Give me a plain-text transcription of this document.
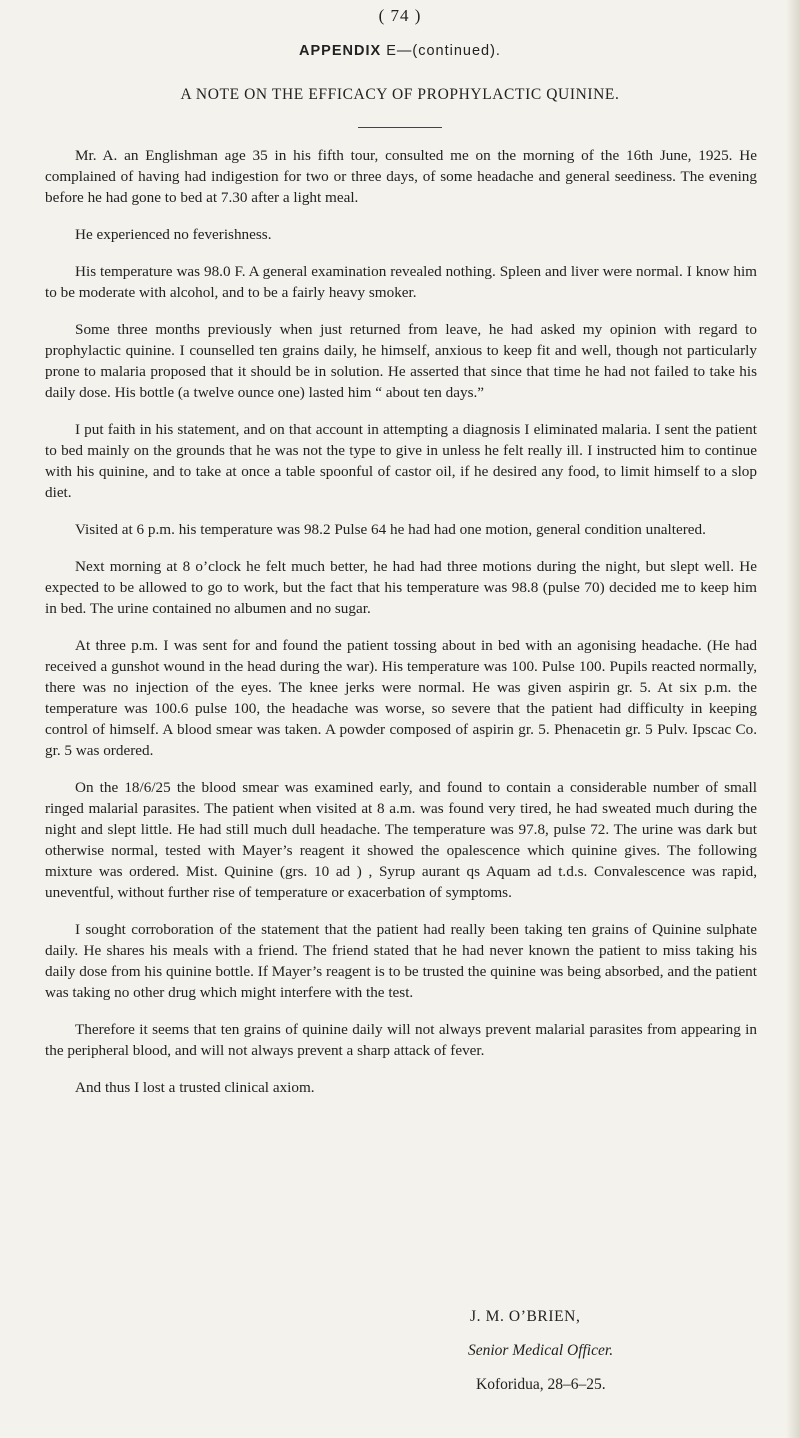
( 74 )
APPENDIX E—(continued).
A NOTE ON THE EFFICACY OF PROPHYLACTIC QUININE.

Mr. A. an Englishman age 35 in his fifth tour, consulted me on the morning of the 16th June, 1925. He complained of having had indigestion for two or three days, of some headache and general seediness. The evening before he had gone to bed at 7.30 after a light meal.

He experienced no feverishness.

His temperature was 98.0 F. A general examination revealed nothing. Spleen and liver were normal. I know him to be moderate with alcohol, and to be a fairly heavy smoker.

Some three months previously when just returned from leave, he had asked my opinion with regard to prophylactic quinine. I counselled ten grains daily, he himself, anxious to keep fit and well, though not particularly prone to malaria proposed that it should be in solution. He asserted that since that time he had not failed to take his daily dose. His bottle (a twelve ounce one) lasted him “ about ten days.”

I put faith in his statement, and on that account in attempting a diagnosis I eliminated malaria. I sent the patient to bed mainly on the grounds that he was not the type to give in unless he felt really ill. I instructed him to continue with his quinine, and to take at once a table spoonful of castor oil, if he desired any food, to limit himself to a slop diet.

Visited at 6 p.m. his temperature was 98.2 Pulse 64 he had had one motion, general condition unaltered.

Next morning at 8 o’clock he felt much better, he had had three motions during the night, but slept well. He expected to be allowed to go to work, but the fact that his temperature was 98.8 (pulse 70) decided me to keep him in bed. The urine contained no albumen and no sugar.

At three p.m. I was sent for and found the patient tossing about in bed with an agonising headache. (He had received a gunshot wound in the head during the war). His temperature was 100. Pulse 100. Pupils reacted normally, there was no injection of the eyes. The knee jerks were normal. He was given aspirin gr. 5. At six p.m. the temperature was 100.6 pulse 100, the headache was worse, so severe that the patient had difficulty in keeping control of himself. A blood smear was taken. A powder composed of aspirin gr. 5. Phenacetin gr. 5 Pulv. Ipscac Co. gr. 5 was ordered.

On the 18/6/25 the blood smear was examined early, and found to contain a considerable number of small ringed malarial parasites. The patient when visited at 8 a.m. was found very tired, he had sweated much during the night and slept little. He had still much dull headache. The temperature was 97.8, pulse 72. The urine was dark but otherwise normal, tested with Mayer’s reagent it showed the opalescence which quinine gives. The following mixture was ordered. Mist. Quinine (grs. 10 ad ) , Syrup aurant qs Aquam ad t.d.s. Convalescence was rapid, uneventful, without further rise of temperature or exacerbation of symptoms.

I sought corroboration of the statement that the patient had really been taking ten grains of Quinine sulphate daily. He shares his meals with a friend. The friend stated that he had never known the patient to miss taking his daily dose from his quinine bottle. If Mayer’s reagent is to be trusted the quinine was being absorbed, and the patient was taking no other drug which might interfere with the test.

Therefore it seems that ten grains of quinine daily will not always prevent malarial parasites from appearing in the peripheral blood, and will not always prevent a sharp attack of fever.

And thus I lost a trusted clinical axiom.

J. M. O’BRIEN,
Senior Medical Officer.
Koforidua, 28–6–25.
